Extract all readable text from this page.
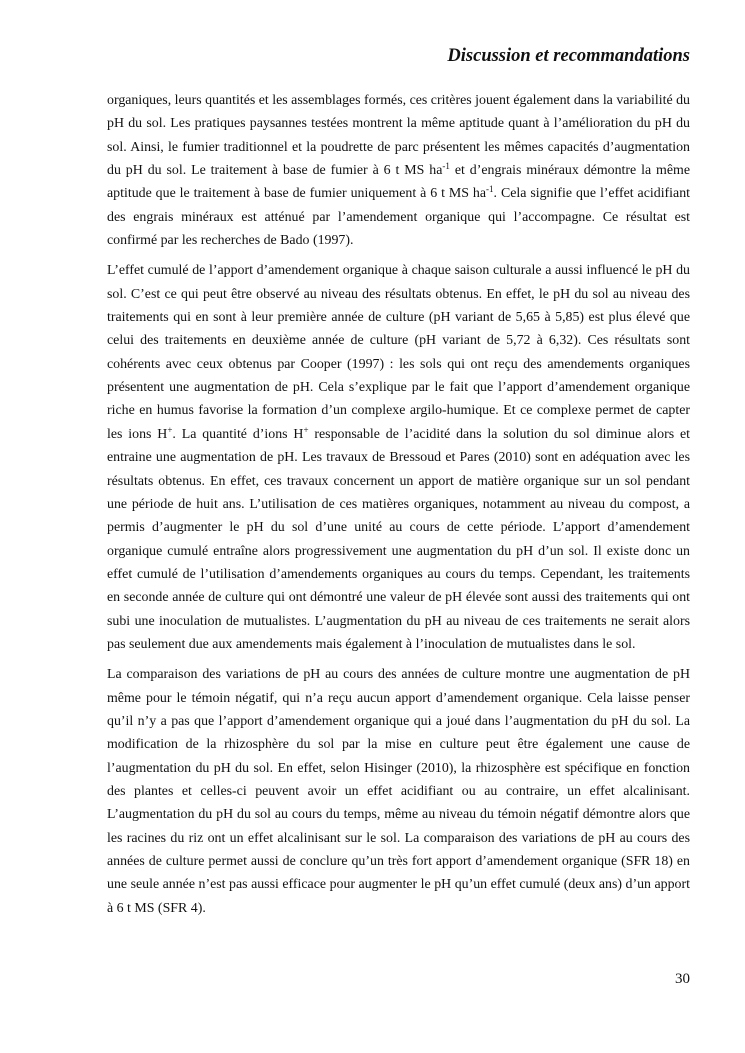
Discussion et recommandations

organiques, leurs quantités et les assemblages formés, ces critères jouent également dans la variabilité du pH du sol. Les pratiques paysannes testées montrent la même aptitude quant à l’amélioration du pH du sol. Ainsi, le fumier traditionnel et la poudrette de parc présentent les mêmes capacités d’augmentation du pH du sol. Le traitement à base de fumier à 6 t MS $ha^{-1}$ et d’engrais minéraux démontre la même aptitude que le traitement à base de fumier uniquement à 6 t MS $ha^{-1}$. Cela signifie que l’effet acidifiant des engrais minéraux est atténué par l’amendement organique qui l’accompagne. Ce résultat est confirmé par les recherches de Bado (1997).

L’effet cumulé de l’apport d’amendement organique à chaque saison culturale a aussi influencé le pH du sol. C’est ce qui peut être observé au niveau des résultats obtenus. En effet, le pH du sol au niveau des traitements qui en sont à leur première année de culture (pH variant de 5,65 à 5,85) est plus élevé que celui des traitements en deuxième année de culture (pH variant de 5,72 à 6,32). Ces résultats sont cohérents avec ceux obtenus par Cooper (1997) : les sols qui ont reçu des amendements organiques présentent une augmentation de pH. Cela s’explique par le fait que l’apport d’amendement organique riche en humus favorise la formation d’un complexe argilo-humique. Et ce complexe permet de capter les ions H+. La quantité d’ions H+ responsable de l’acidité dans la solution du sol diminue alors et entraine une augmentation de pH. Les travaux de Bressoud et Pares (2010) sont en adéquation avec les résultats obtenus. En effet, ces travaux concernent un apport de matière organique sur un sol pendant une période de huit ans. L’utilisation de ces matières organiques, notamment au niveau du compost, a permis d’augmenter le pH du sol d’une unité au cours de cette période. L’apport d’amendement organique cumulé entraîne alors progressivement une augmentation du pH d’un sol. Il existe donc un effet cumulé de l’utilisation d’amendements organiques au cours du temps. Cependant, les traitements en seconde année de culture qui ont démontré une valeur de pH élevée sont aussi des traitements qui ont subi une inoculation de mutualistes. L’augmentation du pH au niveau de ces traitements ne serait alors pas seulement due aux amendements mais également à l’inoculation de mutualistes dans le sol.

La comparaison des variations de pH au cours des années de culture montre une augmentation de pH même pour le témoin négatif, qui n’a reçu aucun apport d’amendement organique. Cela laisse penser qu’il n’y a pas que l’apport d’amendement organique qui a joué dans l’augmentation du pH du sol. La modification de la rhizosphère du sol par la mise en culture peut être également une cause de l’augmentation du pH du sol. En effet, selon Hisinger (2010), la rhizosphère est spécifique en fonction des plantes et celles-ci peuvent avoir un effet acidifiant ou au contraire, un effet alcalinisant. L’augmentation du pH du sol au cours du temps, même au niveau du témoin négatif démontre alors que les racines du riz ont un effet alcalinisant sur le sol. La comparaison des variations de pH au cours des années de culture permet aussi de conclure qu’un très fort apport d’amendement organique (SFR 18) en une seule année n’est pas aussi efficace pour augmenter le pH qu’un effet cumulé (deux ans) d’un apport à 6 t MS (SFR 4).

30
